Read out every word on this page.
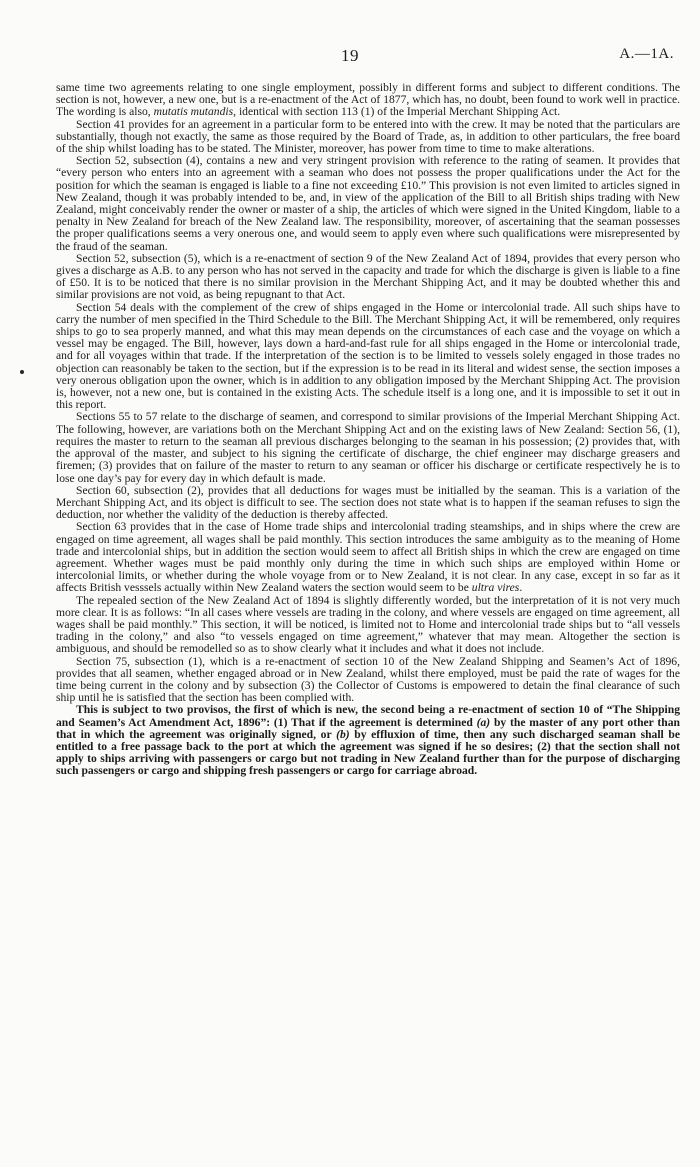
19	A.—1A.

same time two agreements relating to one single employment, possibly in different forms and subject to different conditions. The section is not, however, a new one, but is a re-enactment of the Act of 1877, which has, no doubt, been found to work well in practice. The wording is also, mutatis mutandis, identical with section 113 (1) of the Imperial Merchant Shipping Act.

Section 41 provides for an agreement in a particular form to be entered into with the crew. It may be noted that the particulars are substantially, though not exactly, the same as those required by the Board of Trade, as, in addition to other particulars, the free board of the ship whilst loading has to be stated. The Minister, moreover, has power from time to time to make alterations.

Section 52, subsection (4), contains a new and very stringent provision with reference to the rating of seamen. It provides that “every person who enters into an agreement with a seaman who does not possess the proper qualifications under the Act for the position for which the seaman is engaged is liable to a fine not exceeding £10.” This provision is not even limited to articles signed in New Zealand, though it was probably intended to be, and, in view of the application of the Bill to all British ships trading with New Zealand, might conceivably render the owner or master of a ship, the articles of which were signed in the United Kingdom, liable to a penalty in New Zealand for breach of the New Zealand law. The responsibility, moreover, of ascertaining that the seaman possesses the proper qualifications seems a very onerous one, and would seem to apply even where such qualifications were misrepresented by the fraud of the seaman.

Section 52, subsection (5), which is a re-enactment of section 9 of the New Zealand Act of 1894, provides that every person who gives a discharge as A.B. to any person who has not served in the capacity and trade for which the discharge is given is liable to a fine of £50. It is to be noticed that there is no similar provision in the Merchant Shipping Act, and it may be doubted whether this and similar provisions are not void, as being repugnant to that Act.

Section 54 deals with the complement of the crew of ships engaged in the Home or intercolonial trade. All such ships have to carry the number of men specified in the Third Schedule to the Bill. The Merchant Shipping Act, it will be remembered, only requires ships to go to sea properly manned, and what this may mean depends on the circumstances of each case and the voyage on which a vessel may be engaged. The Bill, however, lays down a hard-and-fast rule for all ships engaged in the Home or intercolonial trade, and for all voyages within that trade. If the interpretation of the section is to be limited to vessels solely engaged in those trades no objection can reasonably be taken to the section, but if the expression is to be read in its literal and widest sense, the section imposes a very onerous obligation upon the owner, which is in addition to any obligation imposed by the Merchant Shipping Act. The provision is, however, not a new one, but is contained in the existing Acts. The schedule itself is a long one, and it is impossible to set it out in this report.

Sections 55 to 57 relate to the discharge of seamen, and correspond to similar provisions of the Imperial Merchant Shipping Act. The following, however, are variations both on the Merchant Shipping Act and on the existing laws of New Zealand: Section 56, (1), requires the master to return to the seaman all previous discharges belonging to the seaman in his possession; (2) provides that, with the approval of the master, and subject to his signing the certificate of discharge, the chief engineer may discharge greasers and firemen; (3) provides that on failure of the master to return to any seaman or officer his discharge or certificate respectively he is to lose one day’s pay for every day in which default is made.

Section 60, subsection (2), provides that all deductions for wages must be initialled by the seaman. This is a variation of the Merchant Shipping Act, and its object is difficult to see. The section does not state what is to happen if the seaman refuses to sign the deduction, nor whether the validity of the deduction is thereby affected.

Section 63 provides that in the case of Home trade ships and intercolonial trading steamships, and in ships where the crew are engaged on time agreement, all wages shall be paid monthly. This section introduces the same ambiguity as to the meaning of Home trade and intercolonial ships, but in addition the section would seem to affect all British ships in which the crew are engaged on time agreement. Whether wages must be paid monthly only during the time in which such ships are employed within Home or intercolonial limits, or whether during the whole voyage from or to New Zealand, it is not clear. In any case, except in so far as it affects British vesssels actually within New Zealand waters the section would seem to be ultra vires.

The repealed section of the New Zealand Act of 1894 is slightly differently worded, but the interpretation of it is not very much more clear. It is as follows: “In all cases where vessels are trading in the colony, and where vessels are engaged on time agreement, all wages shall be paid monthly.” This section, it will be noticed, is limited not to Home and intercolonial trade ships but to “all vessels trading in the colony,” and also “to vessels engaged on time agreement,” whatever that may mean. Altogether the section is ambiguous, and should be remodelled so as to show clearly what it includes and what it does not include.

Section 75, subsection (1), which is a re-enactment of section 10 of the New Zealand Shipping and Seamen’s Act of 1896, provides that all seamen, whether engaged abroad or in New Zealand, whilst there employed, must be paid the rate of wages for the time being current in the colony and by subsection (3) the Collector of Customs is empowered to detain the final clearance of such ship until he is satisfied that the section has been complied with.

This is subject to two provisos, the first of which is new, the second being a re-enactment of section 10 of “The Shipping and Seamen’s Act Amendment Act, 1896”: (1) That if the agreement is determined (a) by the master of any port other than that in which the agreement was originally signed, or (b) by effluxion of time, then any such discharged seaman shall be entitled to a free passage back to the port at which the agreement was signed if he so desires; (2) that the section shall not apply to ships arriving with passengers or cargo but not trading in New Zealand further than for the purpose of discharging such passengers or cargo and shipping fresh passengers or cargo for carriage abroad.
